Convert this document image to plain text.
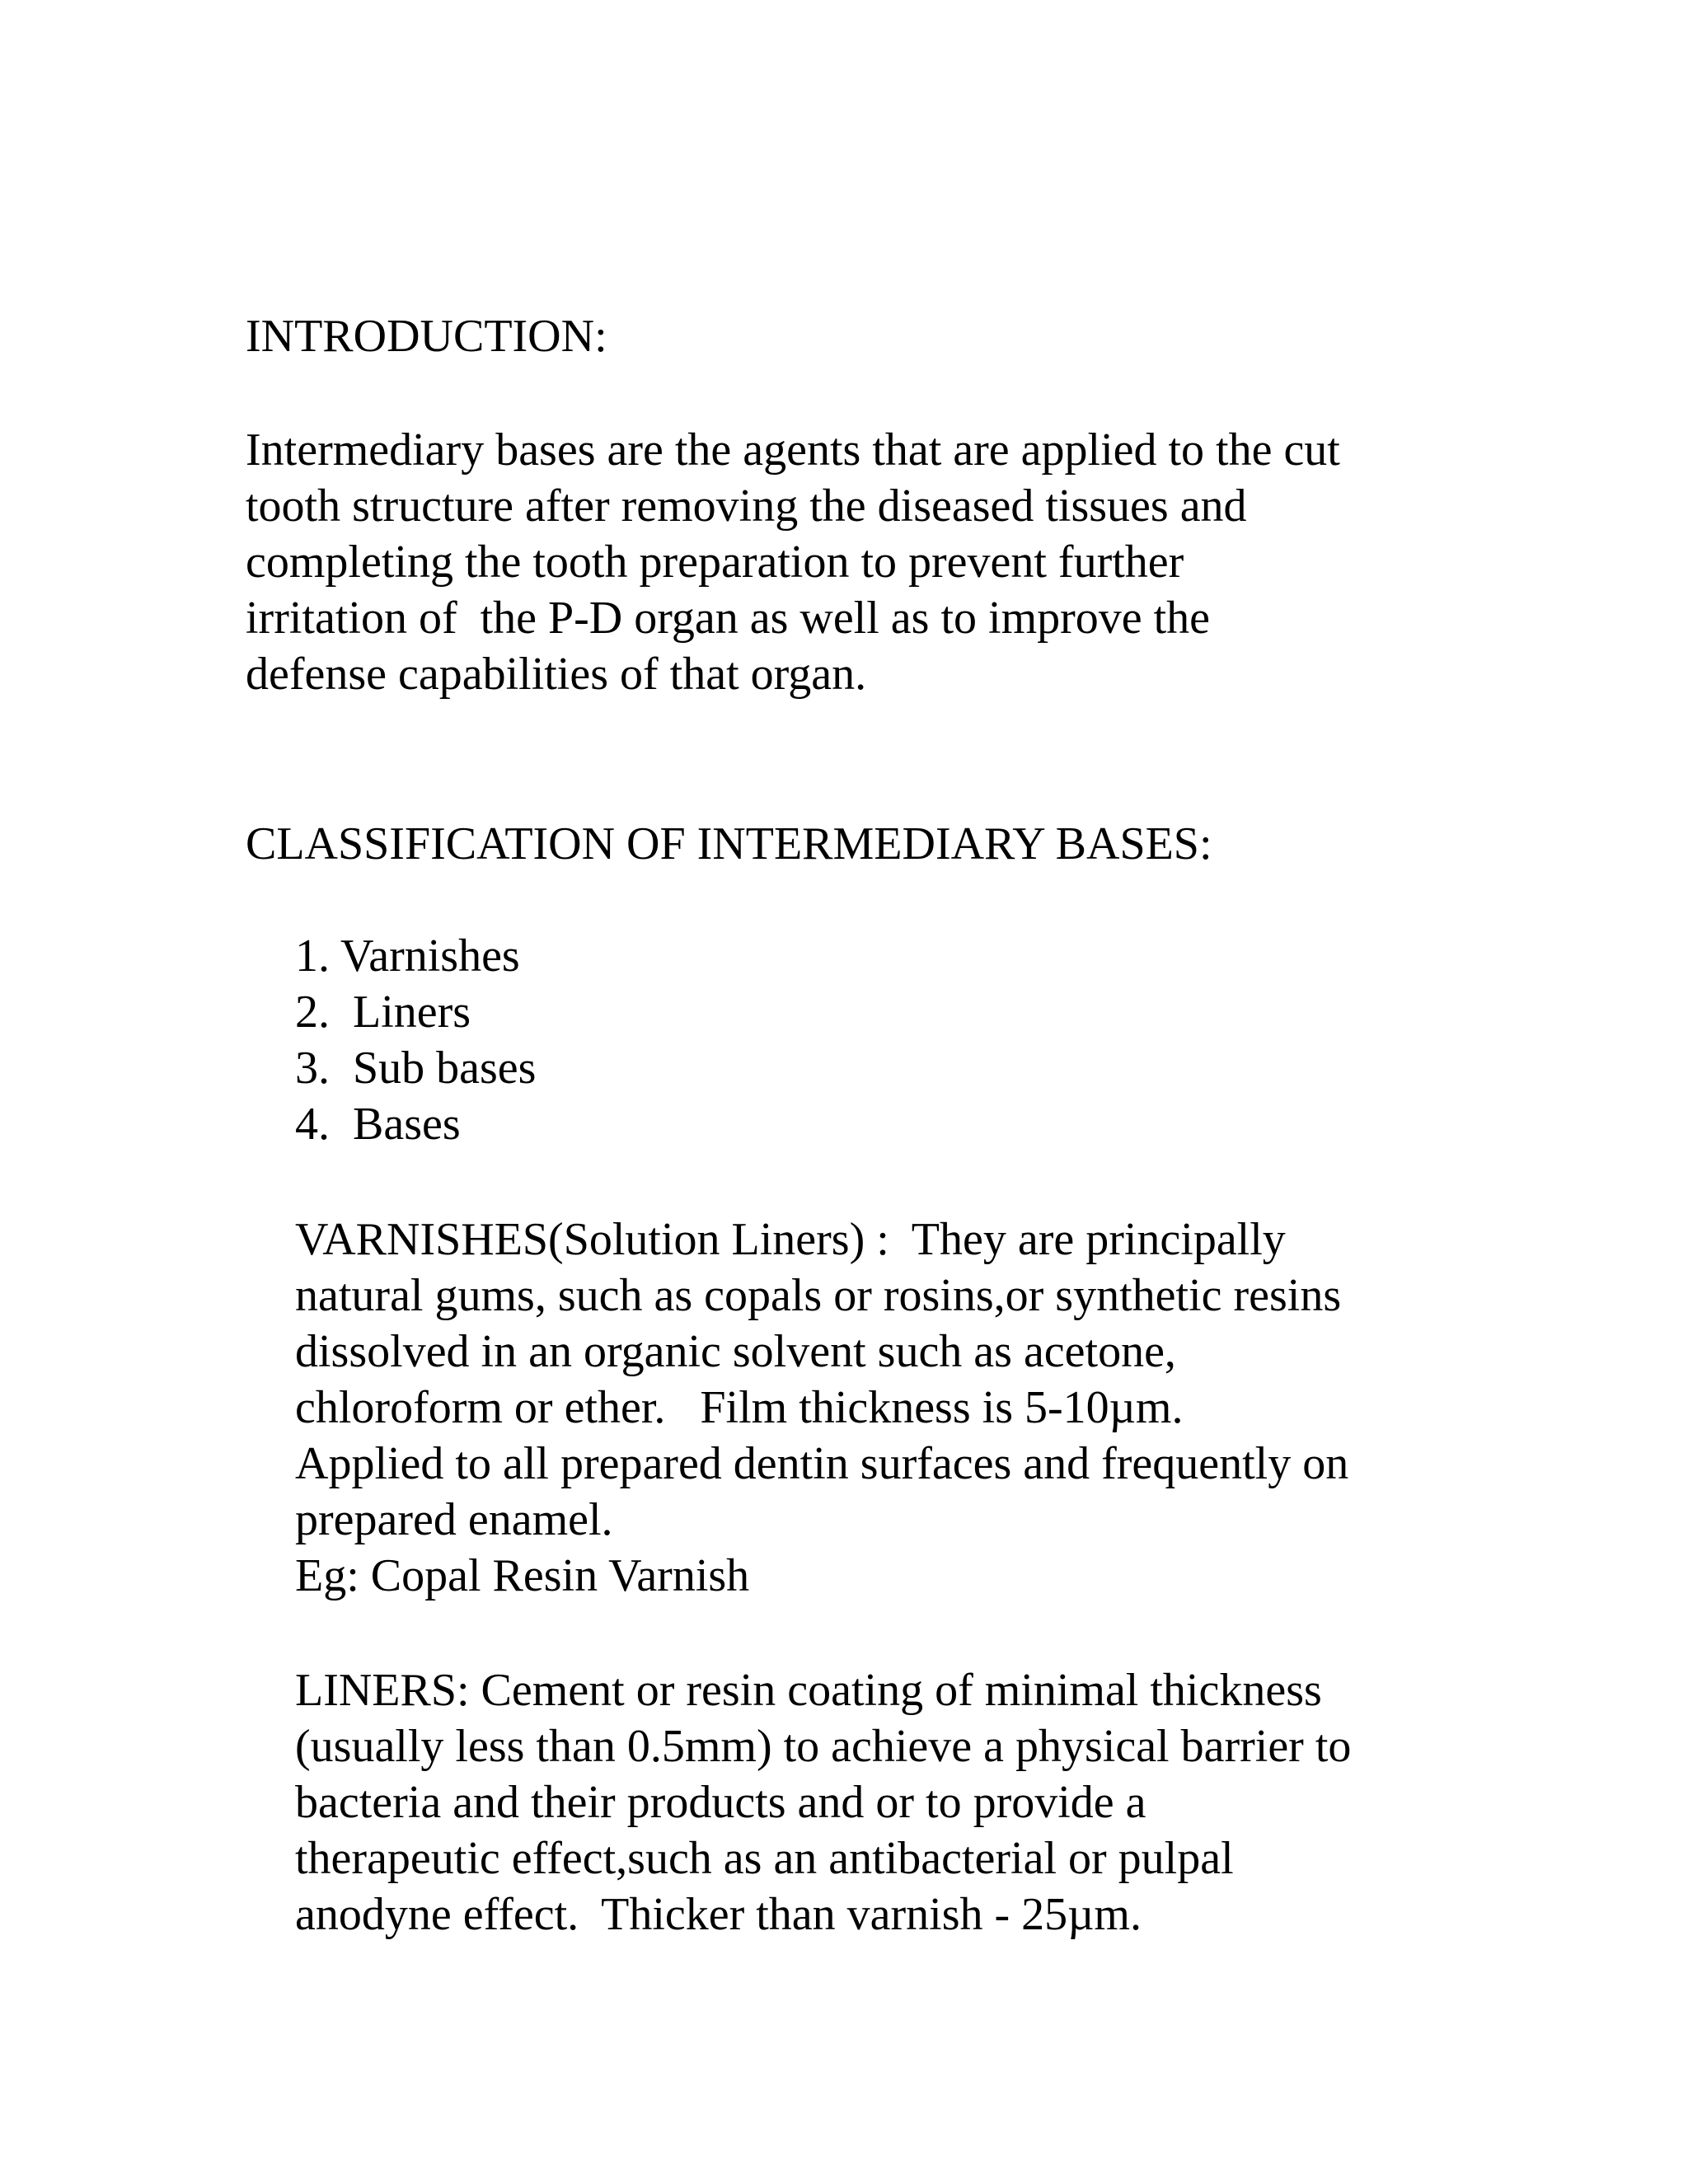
INTRODUCTION:

Intermediary bases are the agents that are applied to the cut
tooth structure after removing the diseased tissues and
completing the tooth preparation to prevent further
irritation of  the P-D organ as well as to improve the
defense capabilities of that organ.

CLASSIFICATION OF INTERMEDIARY BASES:
1. Varnishes
2.  Liners
3.  Sub bases
4.  Bases

VARNISHES(Solution Liners) :  They are principally
natural gums, such as copals or rosins,or synthetic resins
dissolved in an organic solvent such as acetone,
chloroform or ether.   Film thickness is 5-10µm.
Applied to all prepared dentin surfaces and frequently on
prepared enamel.
Eg: Copal Resin Varnish

LINERS: Cement or resin coating of minimal thickness
(usually less than 0.5mm) to achieve a physical barrier to
bacteria and their products and or to provide a
therapeutic effect,such as an antibacterial or pulpal
anodyne effect.  Thicker than varnish - 25µm.
